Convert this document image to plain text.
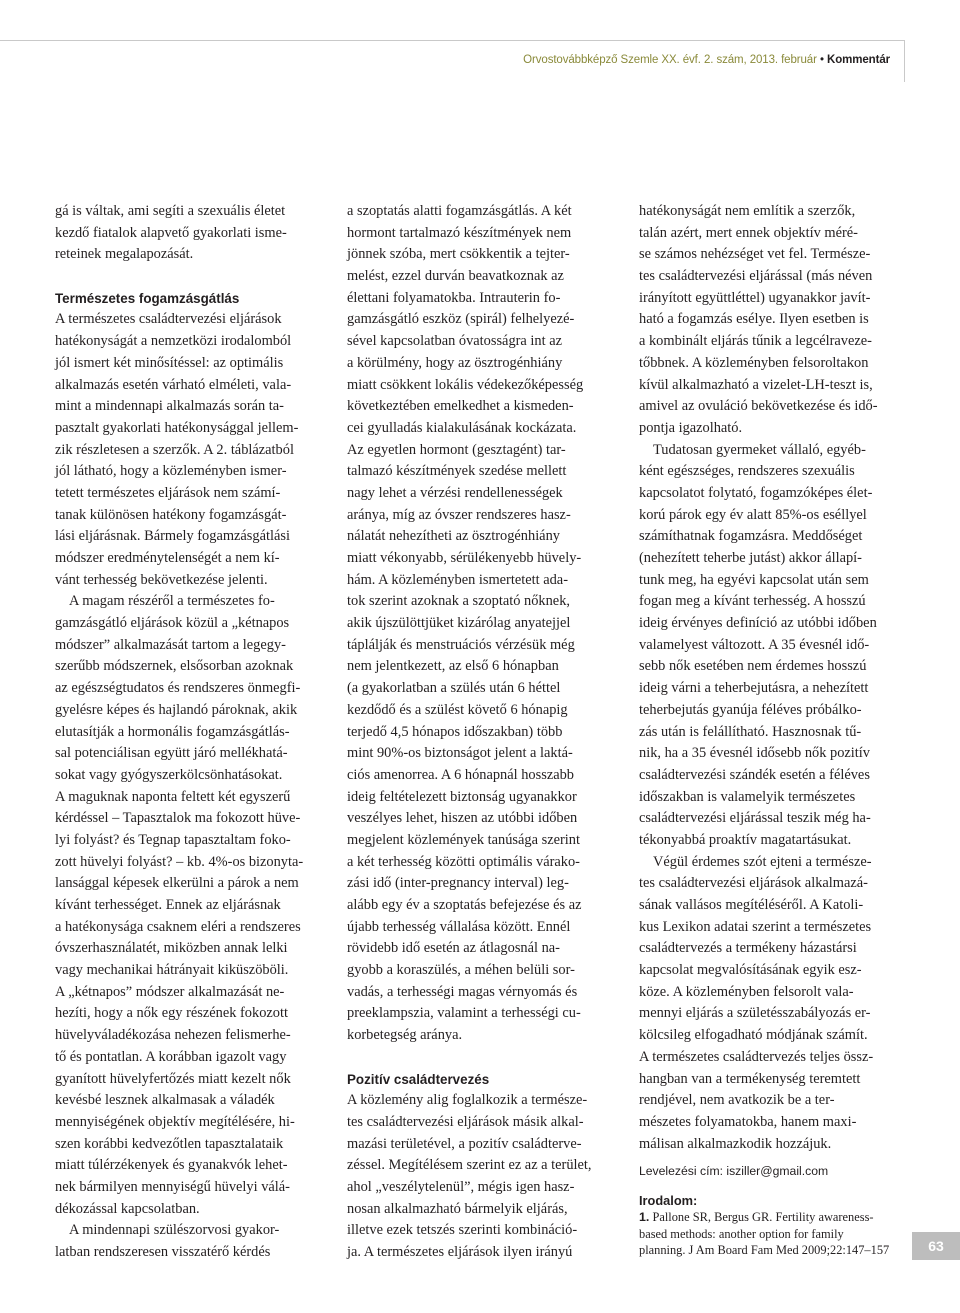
Orvostovábbképző Szemle XX. évf. 2. szám, 2013. február • Kommentár
gá is váltak, ami segíti a szexuális életet
kezdő fiatalok alapvető gyakorlati isme-
reteinek megalapozását.
Természetes fogamzásgátlás
A természetes családtervezési eljárások
hatékonyságát a nemzetközi irodalomból
jól ismert két minősítéssel: az optimális
alkalmazás esetén várható elméleti, vala-
mint a mindennapi alkalmazás során ta-
pasztalt gyakorlati hatékonysággal jellem-
zik részletesen a szerzők. A 2. táblázatból
jól látható, hogy a közleményben ismer-
tetett természetes eljárások nem számí-
tanak különösen hatékony fogamzásgát-
lási eljárásnak. Bármely fogamzásgátlási
módszer eredménytelenségét a nem kí-
vánt terhesség bekövetkezése jelenti.
A magam részéről a természetes fo-
gamzásgátló eljárások közül a „kétnapos
módszer” alkalmazását tartom a legegy-
szerűbb módszernek, elsősorban azoknak
az egészségtudatos és rendszeres önmegfi-
gyelésre képes és hajlandó pároknak, akik
elutasítják a hormonális fogamzásgátlás-
sal potenciálisan együtt járó mellékhatá-
sokat vagy gyógyszerkölcsönhatásokat.
A maguknak naponta feltett két egyszerű
kérdéssel – Tapasztalok ma fokozott hüve-
lyi folyást? és Tegnap tapasztaltam foko-
zott hüvelyi folyást? – kb. 4%-os bizonyta-
lansággal képesek elkerülni a párok a nem
kívánt terhességet. Ennek az eljárásnak
a hatékonysága csaknem eléri a rendszeres
óvszerhasználatét, miközben annak lelki
vagy mechanikai hátrányait kiküszöböli.
A „kétnapos” módszer alkalmazását ne-
hezíti, hogy a nők egy részének fokozott
hüvelyváladékozása nehezen felismerhe-
tő és pontatlan. A korábban igazolt vagy
gyanított hüvelyfertőzés miatt kezelt nők
kevésbé lesznek alkalmasak a váladék
mennyiségének objektív megítélésére, hi-
szen korábbi kedvezőtlen tapasztalataik
miatt túlérzékenyek és gyanakvók lehet-
nek bármilyen mennyiségű hüvelyi válá-
dékozással kapcsolatban.
A mindennapi szülészorvosi gyakor-
latban rendszeresen visszatérő kérdés
a szoptatás alatti fogamzásgátlás. A két
hormont tartalmazó készítmények nem
jönnek szóba, mert csökkentik a tejter-
melést, ezzel durván beavatkoznak az
élettani folyamatokba. Intrauterin fo-
gamzásgátló eszköz (spirál) felhelyezé-
sével kapcsolatban óvatosságra int az
a körülmény, hogy az ösztrogénhiány
miatt csökkent lokális védekezőképesség
következtében emelkedhet a kismeden-
cei gyulladás kialakulásának kockázata.
Az egyetlen hormont (gesztagént) tar-
talmazó készítmények szedése mellett
nagy lehet a vérzési rendellenességek
aránya, míg az óvszer rendszeres hasz-
nálatát nehezítheti az ösztrogénhiány
miatt vékonyabb, sérülékenyebb hüvely-
hám. A közleményben ismertetett ada-
tok szerint azoknak a szoptató nőknek,
akik újszülöttjüket kizárólag anyatejjel
táplálják és menstruációs vérzésük még
nem jelentkezett, az első 6 hónapban
(a gyakorlatban a szülés után 6 héttel
kezdődő és a szülést követő 6 hónapig
terjedő 4,5 hónapos időszakban) több
mint 90%-os biztonságot jelent a laktá-
ciós amenorrea. A 6 hónapnál hosszabb
ideig feltételezett biztonság ugyanakkor
veszélyes lehet, hiszen az utóbbi időben
megjelent közlemények tanúsága szerint
a két terhesség közötti optimális várako-
zási idő (inter-pregnancy interval) leg-
alább egy év a szoptatás befejezése és az
újabb terhesség vállalása között. Ennél
rövidebb idő esetén az átlagosnál na-
gyobb a koraszülés, a méhen belüli sor-
vadás, a terhességi magas vérnyomás és
preeklampszia, valamint a terhességi cu-
korbetegség aránya.
Pozitív családtervezés
A közlemény alig foglalkozik a természe-
tes családtervezési eljárások másik alkal-
mazási területével, a pozitív családterve-
zéssel. Megítélésem szerint ez az a terület,
ahol „veszélytelenül”, mégis igen hasz-
nosan alkalmazható bármelyik eljárás,
illetve ezek tetszés szerinti kombináció-
ja. A természetes eljárások ilyen irányú
hatékonyságát nem említik a szerzők,
talán azért, mert ennek objektív méré-
se számos nehézséget vet fel. Természe-
tes családtervezési eljárással (más néven
irányított együttléttel) ugyanakkor javít-
ható a fogamzás esélye. Ilyen esetben is
a kombinált eljárás tűnik a legcélraveze-
tőbbnek. A közleményben felsoroltakon
kívül alkalmazható a vizelet-LH-teszt is,
amivel az ovuláció bekövetkezése és idő-
pontja igazolható.
Tudatosan gyermeket vállaló, egyéb-
ként egészséges, rendszeres szexuális
kapcsolatot folytató, fogamzóképes élet-
korú párok egy év alatt 85%-os eséllyel
számíthatnak fogamzásra. Meddőséget
(nehezített teherbe jutást) akkor állapí-
tunk meg, ha egyévi kapcsolat után sem
fogan meg a kívánt terhesség. A hosszú
ideig érvényes definíció az utóbbi időben
valamelyest változott. A 35 évesnél idő-
sebb nők esetében nem érdemes hosszú
ideig várni a teherbejutásra, a nehezített
teherbejutás gyanúja féléves próbálko-
zás után is felállítható. Hasznosnak tű-
nik, ha a 35 évesnél idősebb nők pozitív
családtervezési szándék esetén a féléves
időszakban is valamelyik természetes
családtervezési eljárással teszik még ha-
tékonyabbá proaktív magatartásukat.
Végül érdemes szót ejteni a természe-
tes családtervezési eljárások alkalmazá-
sának vallásos megítéléséről. A Katoli-
kus Lexikon adatai szerint a természetes
családtervezés a termékeny házastársi
kapcsolat megvalósításának egyik esz-
köze. A közleményben felsorolt vala-
mennyi eljárás a születésszabályozás er-
kölcsileg elfogadható módjának számít.
A természetes családtervezés teljes össz-
hangban van a termékenység teremtett
rendjével, nem avatkozik be a ter-
mészetes folyamatokba, hanem maxi-
málisan alkalmazkodik hozzájuk.
Levelezési cím: isziller@gmail.com
Irodalom:
1. Pallone SR, Bergus GR. Fertility awareness-
based methods: another option for family
planning. J Am Board Fam Med 2009;22:147–157	63
